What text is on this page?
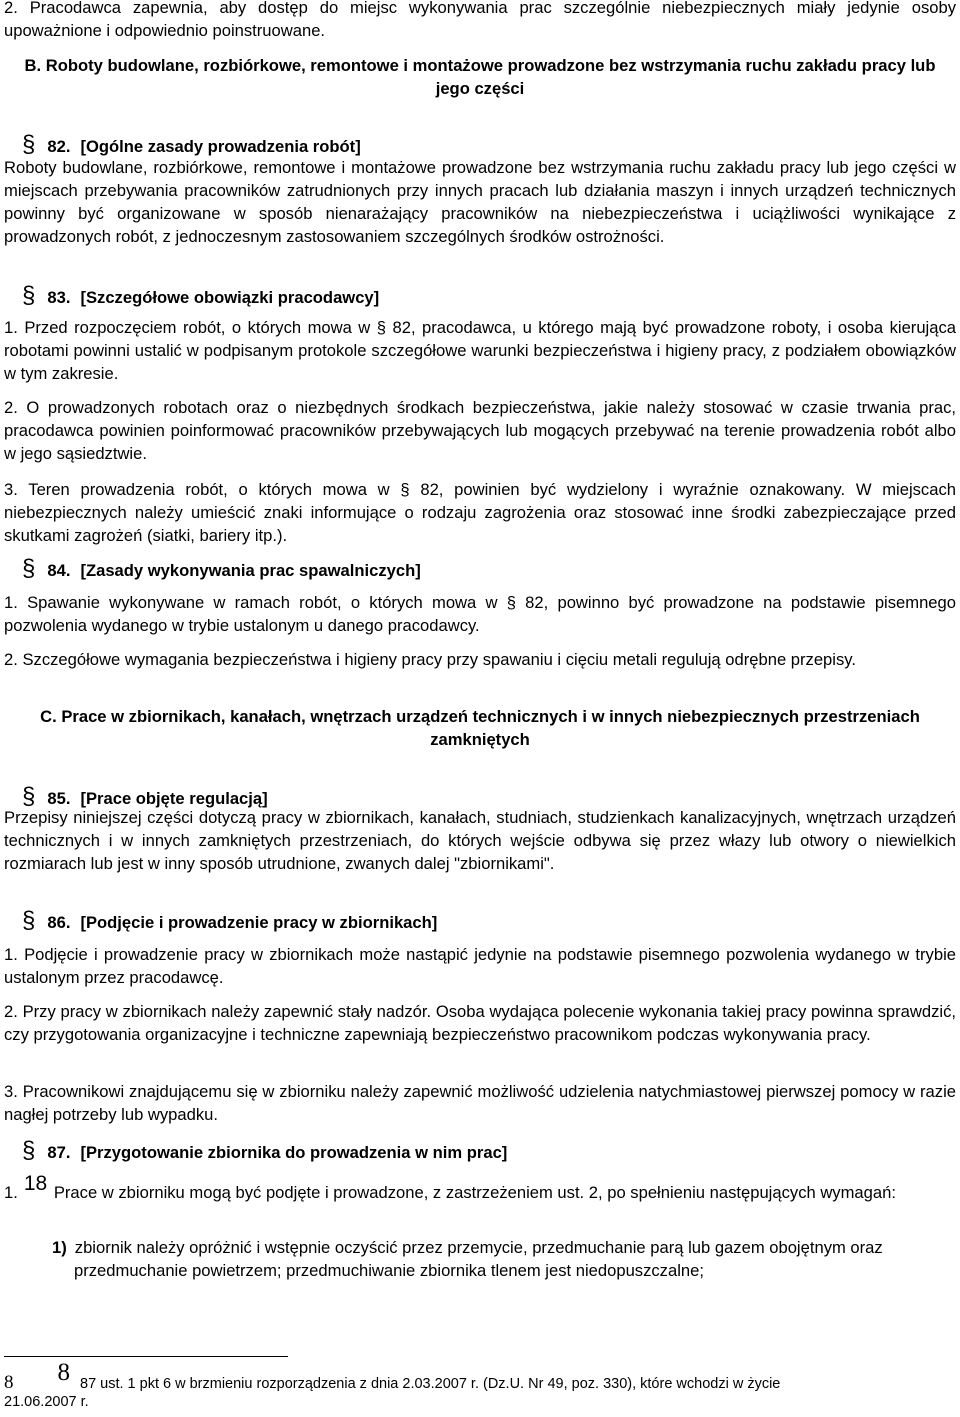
2. Pracodawca zapewnia, aby dostęp do miejsc wykonywania prac szczególnie niebezpiecznych miały jedynie osoby upoważnione i odpowiednio poinstruowane.

B. Roboty budowlane, rozbiórkowe, remontowe i montażowe prowadzone bez wstrzymania ruchu zakładu pracy lub jego części

§ 82. [Ogólne zasady prowadzenia robót]

Roboty budowlane, rozbiórkowe, remontowe i montażowe prowadzone bez wstrzymania ruchu zakładu pracy lub jego części w miejscach przebywania pracowników zatrudnionych przy innych pracach lub działania maszyn i innych urządzeń technicznych powinny być organizowane w sposób nienarażający pracowników na niebezpieczeństwa i uciążliwości wynikające z prowadzonych robót, z jednoczesnym zastosowaniem szczególnych środków ostrożności.

§ 83. [Szczegółowe obowiązki pracodawcy]

1. Przed rozpoczęciem robót, o których mowa w § 82, pracodawca, u którego mają być prowadzone roboty, i osoba kierująca robotami powinni ustalić w podpisanym protokole szczegółowe warunki bezpieczeństwa i higieny pracy, z podziałem obowiązków w tym zakresie.

2. O prowadzonych robotach oraz o niezbędnych środkach bezpieczeństwa, jakie należy stosować w czasie trwania prac, pracodawca powinien poinformować pracowników przebywających lub mogących przebywać na terenie prowadzenia robót albo w jego sąsiedztwie.

3. Teren prowadzenia robót, o których mowa w § 82, powinien być wydzielony i wyraźnie oznakowany. W miejscach niebezpiecznych należy umieścić znaki informujące o rodzaju zagrożenia oraz stosować inne środki zabezpieczające przed skutkami zagrożeń (siatki, bariery itp.).

§ 84. [Zasady wykonywania prac spawalniczych]

1. Spawanie wykonywane w ramach robót, o których mowa w § 82, powinno być prowadzone na podstawie pisemnego pozwolenia wydanego w trybie ustalonym u danego pracodawcy.

2. Szczegółowe wymagania bezpieczeństwa i higieny pracy przy spawaniu i cięciu metali regulują odrębne przepisy.

C. Prace w zbiornikach, kanałach, wnętrzach urządzeń technicznych i w innych niebezpiecznych przestrzeniach zamkniętych

§ 85. [Prace objęte regulacją]

Przepisy niniejszej części dotyczą pracy w zbiornikach, kanałach, studniach, studzienkach kanalizacyjnych, wnętrzach urządzeń technicznych i w innych zamkniętych przestrzeniach, do których wejście odbywa się przez włazy lub otwory o niewielkich rozmiarach lub jest w inny sposób utrudnione, zwanych dalej "zbiornikami".

§ 86. [Podjęcie i prowadzenie pracy w zbiornikach]

1. Podjęcie i prowadzenie pracy w zbiornikach może nastąpić jedynie na podstawie pisemnego pozwolenia wydanego w trybie ustalonym przez pracodawcę.

2. Przy pracy w zbiornikach należy zapewnić stały nadzór. Osoba wydająca polecenie wykonania takiej pracy powinna sprawdzić, czy przygotowania organizacyjne i techniczne zapewniają bezpieczeństwo pracownikom podczas wykonywania pracy.

3. Pracownikowi znajdującemu się w zbiorniku należy zapewnić możliwość udzielenia natychmiastowej pierwszej pomocy w razie nagłej potrzeby lub wypadku.

§ 87. [Przygotowanie zbiornika do prowadzenia w nim prac]

1. 18 Prace w zbiorniku mogą być podjęte i prowadzone, z zastrzeżeniem ust. 2, po spełnieniu następujących wymagań:

1) zbiornik należy opróżnić i wstępnie oczyścić przez przemycie, przedmuchanie parą lub gazem obojętnym oraz przedmuchanie powietrzem; przedmuchiwanie zbiornika tlenem jest niedopuszczalne;
8 8 87 ust. 1 pkt 6 w brzmieniu rozporządzenia z dnia 2.03.2007 r. (Dz.U. Nr 49, poz. 330), które wchodzi w życie
21.06.2007 r.
